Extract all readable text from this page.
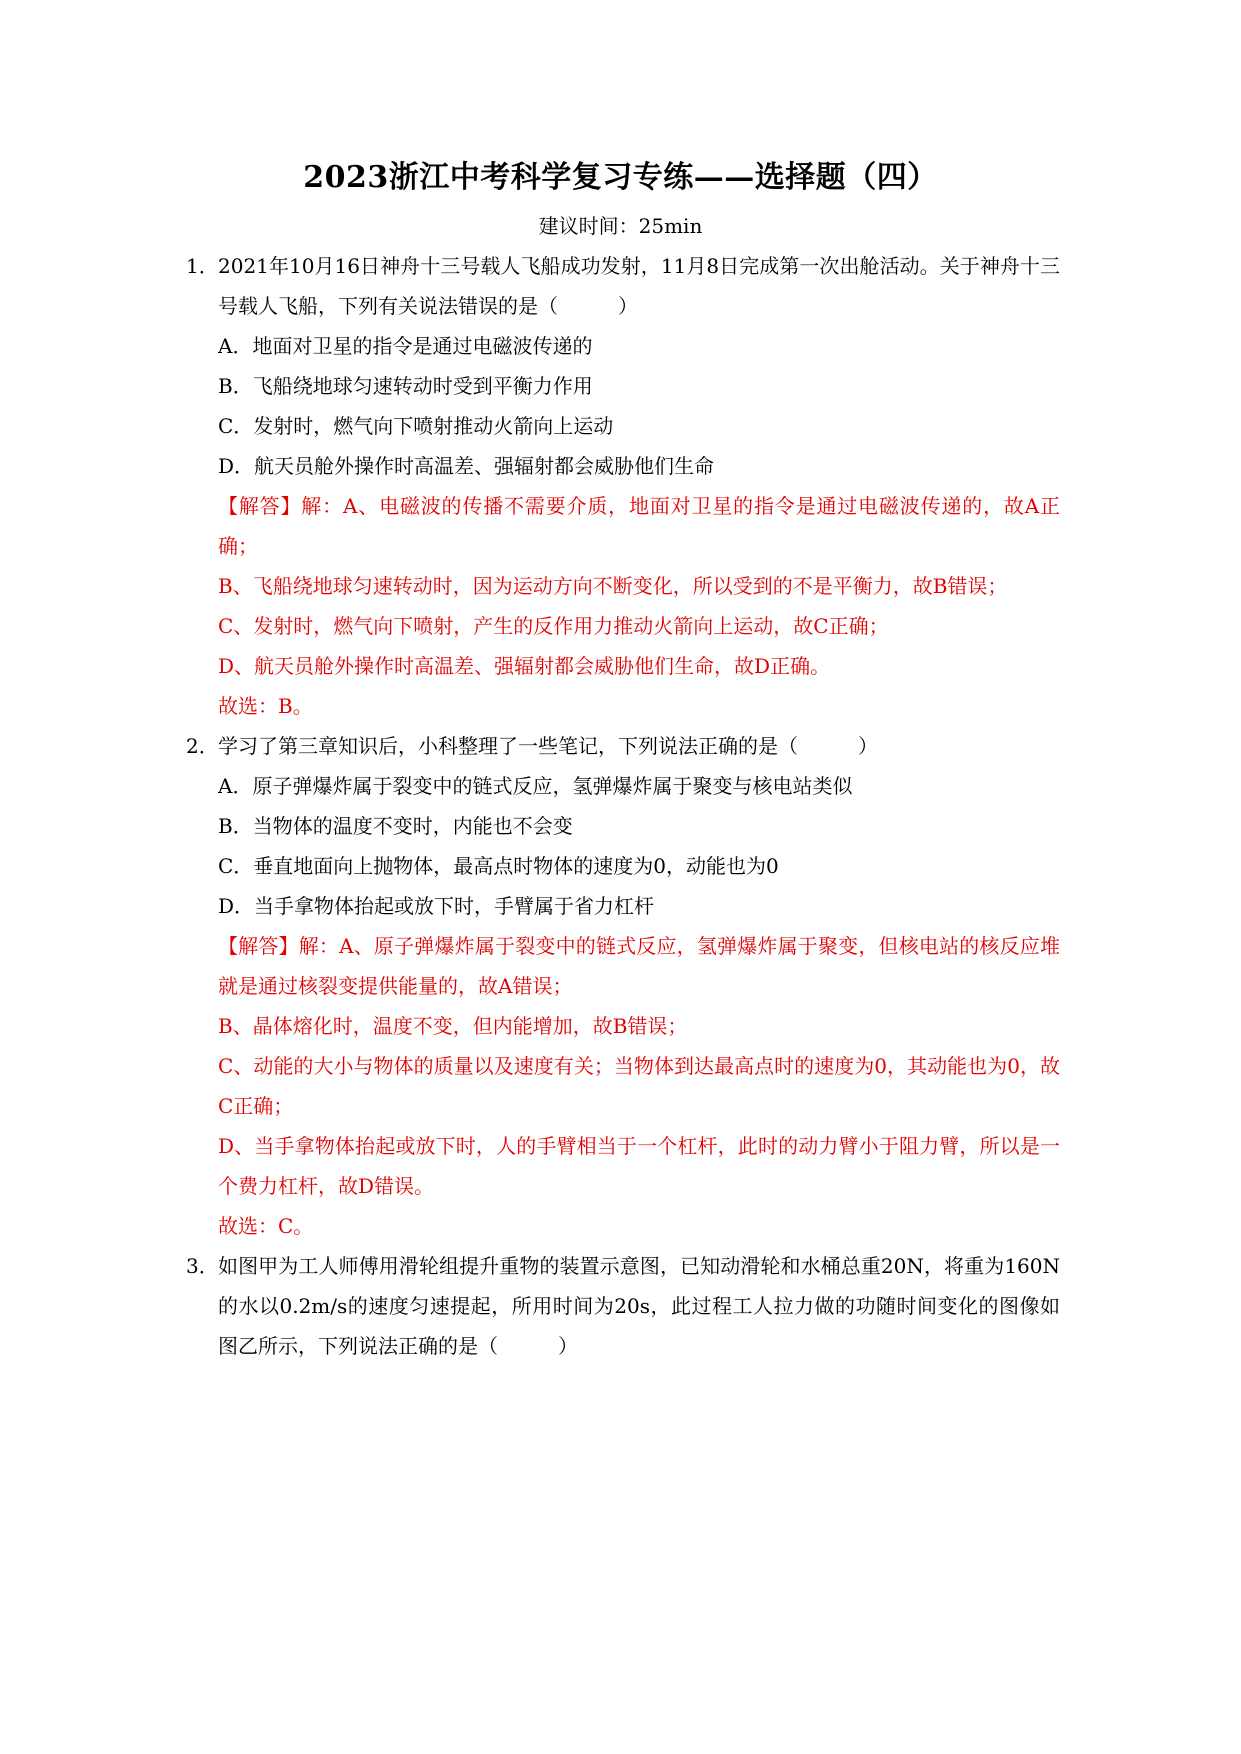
2023浙江中考科学复习专练——选择题（四）
建议时间：25min
1． 2021年10月16日神舟十三号载人飞船成功发射，11月8日完成第一次出舱活动。关于神舟十三号载人飞船，下列有关说法错误的是（	）
A．地面对卫星的指令是通过电磁波传递的
B．飞船绕地球匀速转动时受到平衡力作用
C．发射时，燃气向下喷射推动火箭向上运动
D．航天员舱外操作时高温差、强辐射都会威胁他们生命
【解答】解：A、电磁波的传播不需要介质，地面对卫星的指令是通过电磁波传递的，故A正确；
B、飞船绕地球匀速转动时，因为运动方向不断变化，所以受到的不是平衡力，故B错误；
C、发射时，燃气向下喷射，产生的反作用力推动火箭向上运动，故C正确；
D、航天员舱外操作时高温差、强辐射都会威胁他们生命，故D正确。
故选：B。
2． 学习了第三章知识后，小科整理了一些笔记，下列说法正确的是（	）
A．原子弹爆炸属于裂变中的链式反应，氢弹爆炸属于聚变与核电站类似
B．当物体的温度不变时，内能也不会变
C．垂直地面向上抛物体，最高点时物体的速度为0，动能也为0
D．当手拿物体抬起或放下时，手臂属于省力杠杆
【解答】解：A、原子弹爆炸属于裂变中的链式反应，氢弹爆炸属于聚变，但核电站的核反应堆就是通过核裂变提供能量的，故A错误；
B、晶体熔化时，温度不变，但内能增加，故B错误；
C、动能的大小与物体的质量以及速度有关；当物体到达最高点时的速度为0，其动能也为0，故C正确；
D、当手拿物体抬起或放下时，人的手臂相当于一个杠杆，此时的动力臂小于阻力臂，所以是一个费力杠杆，故D错误。
故选：C。
3． 如图甲为工人师傅用滑轮组提升重物的装置示意图，已知动滑轮和水桶总重20N，将重为160N的水以0.2m/s的速度匀速提起，所用时间为20s，此过程工人拉力做的功随时间变化的图像如图乙所示，下列说法正确的是（	）
